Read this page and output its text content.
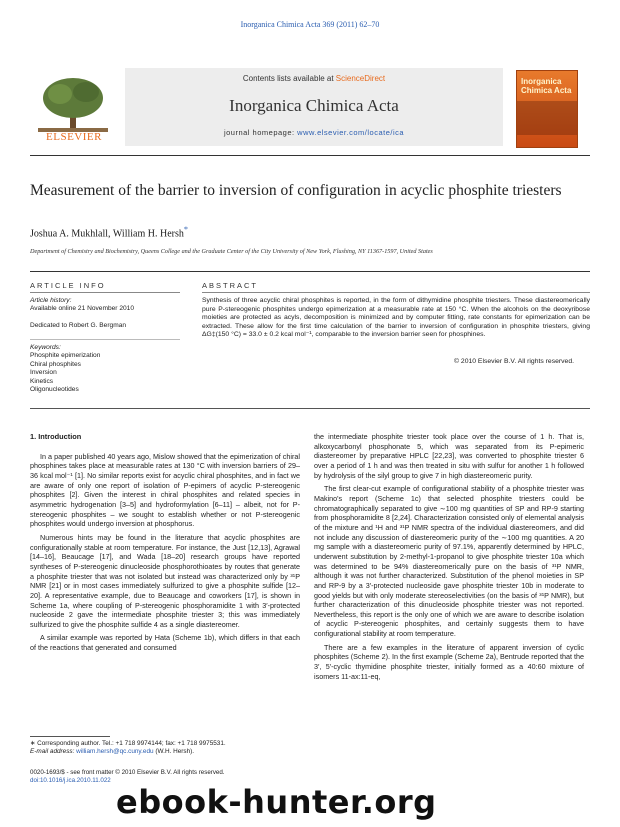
Inorganica Chimica Acta 369 (2011) 62–70
ELSEVIER
Contents lists available at ScienceDirect
Inorganica Chimica Acta
journal homepage: www.elsevier.com/locate/ica
Inorganica Chimica Acta
Measurement of the barrier to inversion of configuration in acyclic phosphite triesters
Joshua A. Mukhlall, William H. Hersh*
Department of Chemistry and Biochemistry, Queens College and the Graduate Center of the City University of New York, Flushing, NY 11367-1597, United States
ARTICLE INFO	ABSTRACT
Article history:
Available online 21 November 2010
Dedicated to Robert G. Bergman
Keywords:
Phosphite epimerization
Chiral phosphites
Inversion
Kinetics
Oligonucleotides
Synthesis of three acyclic chiral phosphites is reported, in the form of dithymidine phosphite triesters. These diastereomerically pure P-stereogenic phosphites undergo epimerization at a measurable rate at 150 °C. When the alcohols on the deoxyribose moieties are protected as acyls, decomposition is minimized and by computer fitting, rate constants for epimerization can be extracted. These allow for the first time calculation of the barrier to inversion of configuration in phosphite triesters, giving ΔG‡(150 °C) = 33.0 ± 0.2 kcal mol⁻¹, comparable to the inversion barrier seen for phosphines.
© 2010 Elsevier B.V. All rights reserved.
1. Introduction

In a paper published 40 years ago, Mislow showed that the epimerization of chiral phosphines takes place at measurable rates at 130 °C with inversion barriers of 29–36 kcal mol⁻¹ [1]. No similar reports exist for acyclic chiral phosphites, and in fact we are aware of only one report of isolation of P-epimers of acyclic P-stereogenic phosphites [2]. Given the interest in chiral phosphites and related species in asymmetric hydrogenation [3–5] and hydroformylation [6–11] – albeit, not for P-stereogenic phosphites – we sought to establish whether or not P-stereogenic phosphites would undergo inversion at phosphorus.

Numerous hints may be found in the literature that acyclic phosphites are configurationally stable at room temperature. For instance, the Just [12,13], Agrawal [14–16], Beaucage [17], and Wada [18–20] research groups have reported syntheses of P-stereogenic dinucleoside phosphorothioates by routes that generate a phosphite triester that was not isolated but instead was characterized only by ³¹P NMR [21] or in most cases immediately sulfurized to give a phosphite sulfide [12–20]. A representative example, due to Beaucage and coworkers [17], is shown in Scheme 1a, where coupling of P-stereogenic phosphoramidite 1 with 3′-protected nucleoside 2 gave the intermediate phosphite triester 3; this was immediately sulfurized to give the phosphite sulfide 4 as a single diastereomer.

A similar example was reported by Hata (Scheme 1b), which differs in that each of the reactions that generated and consumed

the intermediate phosphite triester took place over the course of 1 h. That is, alkoxycarbonyl phosphonate 5, which was separated from its P-epimeric diastereomer by preparative HPLC [22,23], was converted to phosphite triester 6 over a period of 1 h and was then treated in situ with sulfur for another 1 h followed by hydrolysis of the silyl group to give 7 in high diastereomeric purity.

The first clear-cut example of configurational stability of a phosphite triester was Makino's report (Scheme 1c) that selected phosphite triesters could be chromatographically separated to give ∼100 mg quantities of SP and RP-9 starting from phosphoramidite 8 [2,24]. Characterization consisted only of elemental analysis of the mixture and ¹H and ³¹P NMR spectra of the individual diastereomers, and did not include any discussion of diastereomeric purity of the ∼100 mg quantities. A 20 mg sample with a diastereomeric purity of 97.1%, apparently determined by HPLC, underwent substitution by 2-methyl-1-propanol to give phosphite triester 10a which was determined to be 94% diastereomerically pure on the basis of ³¹P NMR, although it was not further characterized. Substitution of the phenol moieties in SP and RP-9 by a 3′-protected nucleoside gave phosphite triester 10b in moderate to good yields but with only moderate stereoselectivities (on the basis of ³¹P NMR), but further characterization of this dinucleoside phosphite triester was not reported. Nevertheless, this report is the only one of which we are aware to describe isolation of acyclic P-stereogenic phosphites, and certainly suggests them to have configurational stability at room temperature.

There are a few examples in the literature of apparent inversion of cyclic phosphites (Scheme 2). In the first example (Scheme 2a), Bentrude reported that the 3′, 5′-cyclic thymidine phosphite triester, initially formed as a 40:60 mixture of isomers 11-ax:11-eq,

∗ Corresponding author. Tel.: +1 718 9974144; fax: +1 718 9975531.
E-mail address: william.hersh@qc.cuny.edu (W.H. Hersh).
0020-1693/$ - see front matter © 2010 Elsevier B.V. All rights reserved.
doi:10.1016/j.ica.2010.11.022
ebook-hunter.org
